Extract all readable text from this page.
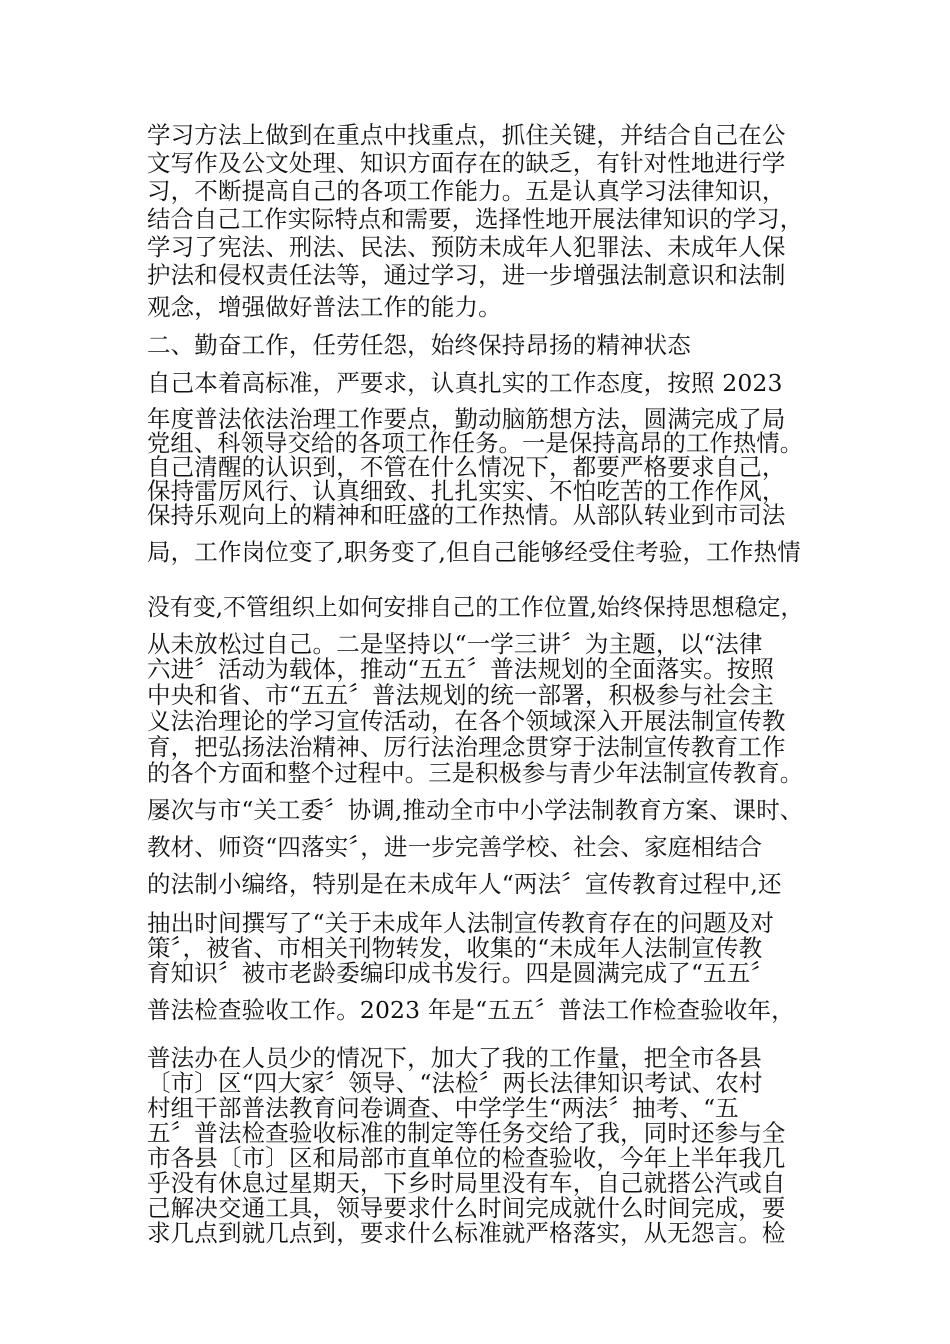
学习方法上做到在重点中找重点，抓住关键，并结合自己在公
文写作及公文处理、知识方面存在的缺乏，有针对性地进行学
习，不断提高自己的各项工作能力。五是认真学习法律知识，
结合自己工作实际特点和需要，选择性地开展法律知识的学习，
学习了宪法、刑法、民法、预防未成年人犯罪法、未成年人保
护法和侵权责任法等，通过学习，进一步增强法制意识和法制
观念，增强做好普法工作的能力。
二、勤奋工作，任劳任怨，始终保持昂扬的精神状态
自己本着高标准，严要求，认真扎实的工作态度，按照 2023
年度普法依法治理工作要点，勤动脑筋想方法，圆满完成了局
党组、科领导交给的各项工作任务。一是保持高昂的工作热情。
自己清醒的认识到，不管在什么情况下，都要严格要求自己，
保持雷厉风行、认真细致、扎扎实实、不怕吃苦的工作作风，
保持乐观向上的精神和旺盛的工作热情。从部队转业到市司法
局，工作岗位变了,职务变了,但自己能够经受住考验，工作热情
没有变,不管组织上如何安排自己的工作位置,始终保持思想稳定，
从未放松过自己。二是坚持以“一学三讲〞为主题，以“法律
六进〞活动为载体，推动“五五〞普法规划的全面落实。按照
中央和省、市“五五〞普法规划的统一部署，积极参与社会主
义法治理论的学习宣传活动，在各个领域深入开展法制宣传教
育，把弘扬法治精神、厉行法治理念贯穿于法制宣传教育工作
的各个方面和整个过程中。三是积极参与青少年法制宣传教育。
屡次与市“关工委〞协调,推动全市中小学法制教育方案、课时、
教材、师资“四落实〞，进一步完善学校、社会、家庭相结合
的法制小编络，特别是在未成年人“两法〞宣传教育过程中,还
抽出时间撰写了“关于未成年人法制宣传教育存在的问题及对
策〞，被省、市相关刊物转发，收集的“未成年人法制宣传教
育知识〞被市老龄委编印成书发行。四是圆满完成了“五五〞
普法检查验收工作。2023 年是“五五〞普法工作检查验收年，
普法办在人员少的情况下，加大了我的工作量，把全市各县
〔市〕区“四大家〞领导、“法检〞两长法律知识考试、农村
村组干部普法教育问卷调查、中学学生“两法〞抽考、“五
五〞普法检查验收标准的制定等任务交给了我，同时还参与全
市各县〔市〕区和局部市直单位的检查验收，今年上半年我几
乎没有休息过星期天，下乡时局里没有车，自己就搭公汽或自
己解决交通工具，领导要求什么时间完成就什么时间完成，要
求几点到就几点到，要求什么标准就严格落实，从无怨言。检
